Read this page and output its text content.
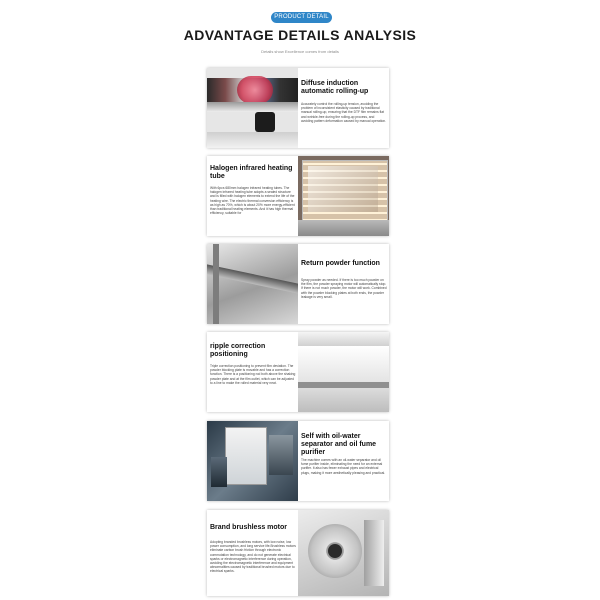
PRODUCT DETAIL
ADVANTAGE DETAILS ANALYSIS
Details show Excellence comes from details
Diffuse induction automatic rolling-up
Accurately control the rolling-up tension, avoiding the problem of inconsistent elasticity caused by traditional manual rolling-up, ensuring that the DTF film remains flat and wrinkle-free during the rolling-up process, and avoiding pattern deformation caused by manual operation.
Halogen infrared heating tube
With 6pcs 680mm halogen infrared heating tubes. The halogen infrared heating tube adopts a sealed structure and is filled with halogen elements to extend the life of the heating wire. The electric thermal conversion efficiency is as high as 70%, which is about 20% more energy-efficient than traditional heating elements. And it has high thermal efficiency, suitable for
Return powder function
Spray powder as needed. If there is too much powder on the film, the powder spraying motor will automatically stop. If there is not much powder, the motor will work. Combined with the powder blocking plates at both ends, the powder leakage is very small.
ripple correction positioning
Triple correction positioning to prevent film deviation. The powder blocking plate is movable and has a correction function. There is a positioning rod both above the shaking powder plate and at the film outlet, which can be adjusted to a line to make the rolled material very neat.
Self with oil-water separator and oil fume purifier
The machine comes with an oil-water separator and oil fume purifier inside, eliminating the need for an external purifier. It also has fewer exhaust pipes and electrical plugs, making it more aesthetically pleasing and practical.
Brand brushless motor
Adopting branded brushless motors, with low noise, low power consumption, and long service life.Brushless motors eliminate carbon brush friction through electronic commutation technology, and do not generate electrical sparks or electromagnetic interference during operation, avoiding the electromagnetic interference and equipment abnormalities caused by traditional brushed motors due to electrical sparks.
